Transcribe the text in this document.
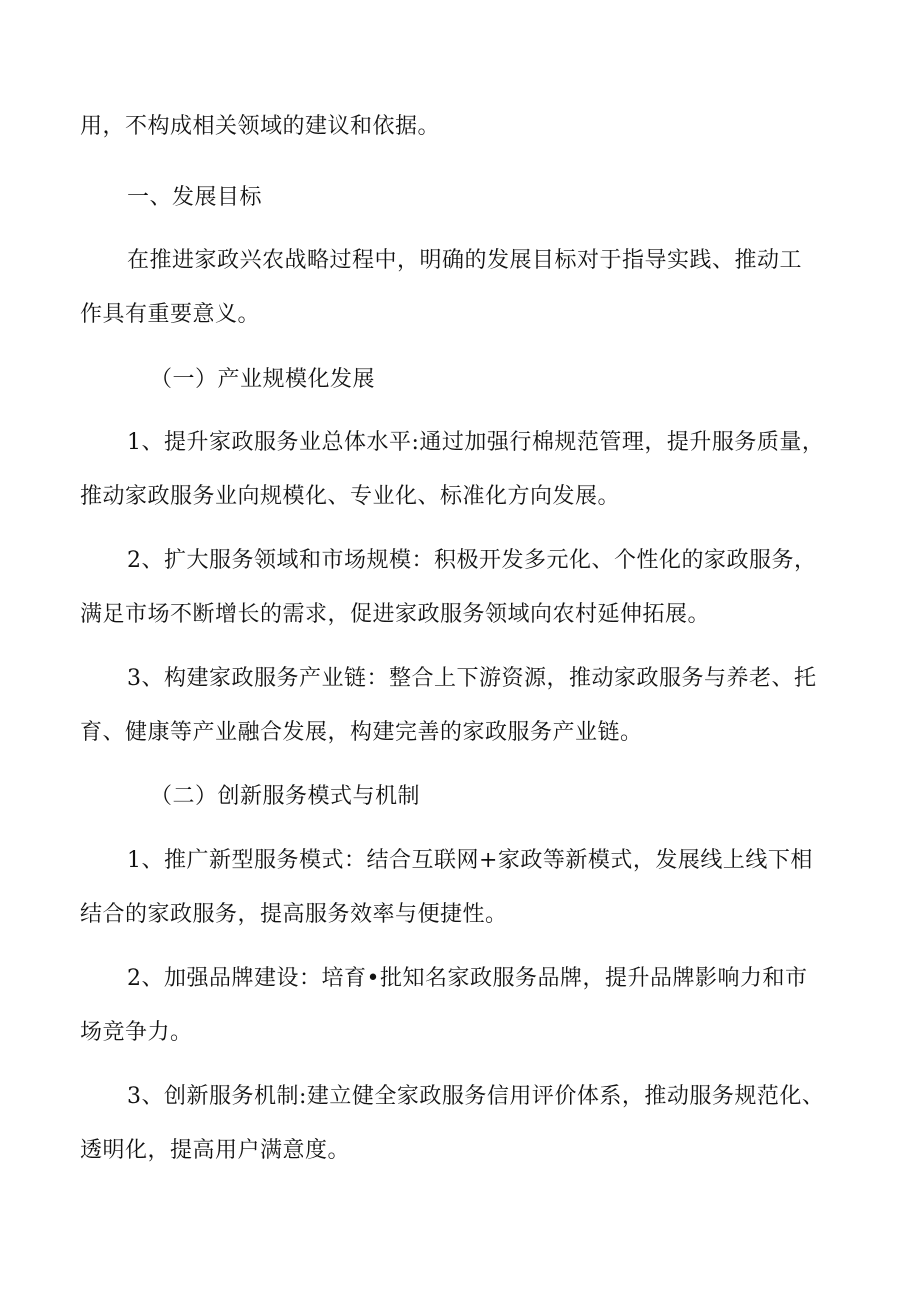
用，不构成相关领域的建议和依据。
一、发展目标
在推进家政兴农战略过程中，明确的发展目标对于指导实践、推动工
作具有重要意义。
（一）产业规模化发展
1、提升家政服务业总体水平:通过加强行棉规范管理，提升服务质量，
推动家政服务业向规模化、专业化、标准化方向发展。
2、扩大服务领域和市场规模：积极开发多元化、个性化的家政服务，
满足市场不断增长的需求，促进家政服务领域向农村延伸拓展。
3、构建家政服务产业链：整合上下游资源，推动家政服务与养老、托
育、健康等产业融合发展，构建完善的家政服务产业链。
（二）创新服务模式与机制
1、推广新型服务模式：结合互联网+家政等新模式，发展线上线下相
结合的家政服务，提高服务效率与便捷性。
2、加强品牌建设：培育•批知名家政服务品牌，提升品牌影响力和市
场竞争力。
3、创新服务机制:建立健全家政服务信用评价体系，推动服务规范化、
透明化，提高用户满意度。
